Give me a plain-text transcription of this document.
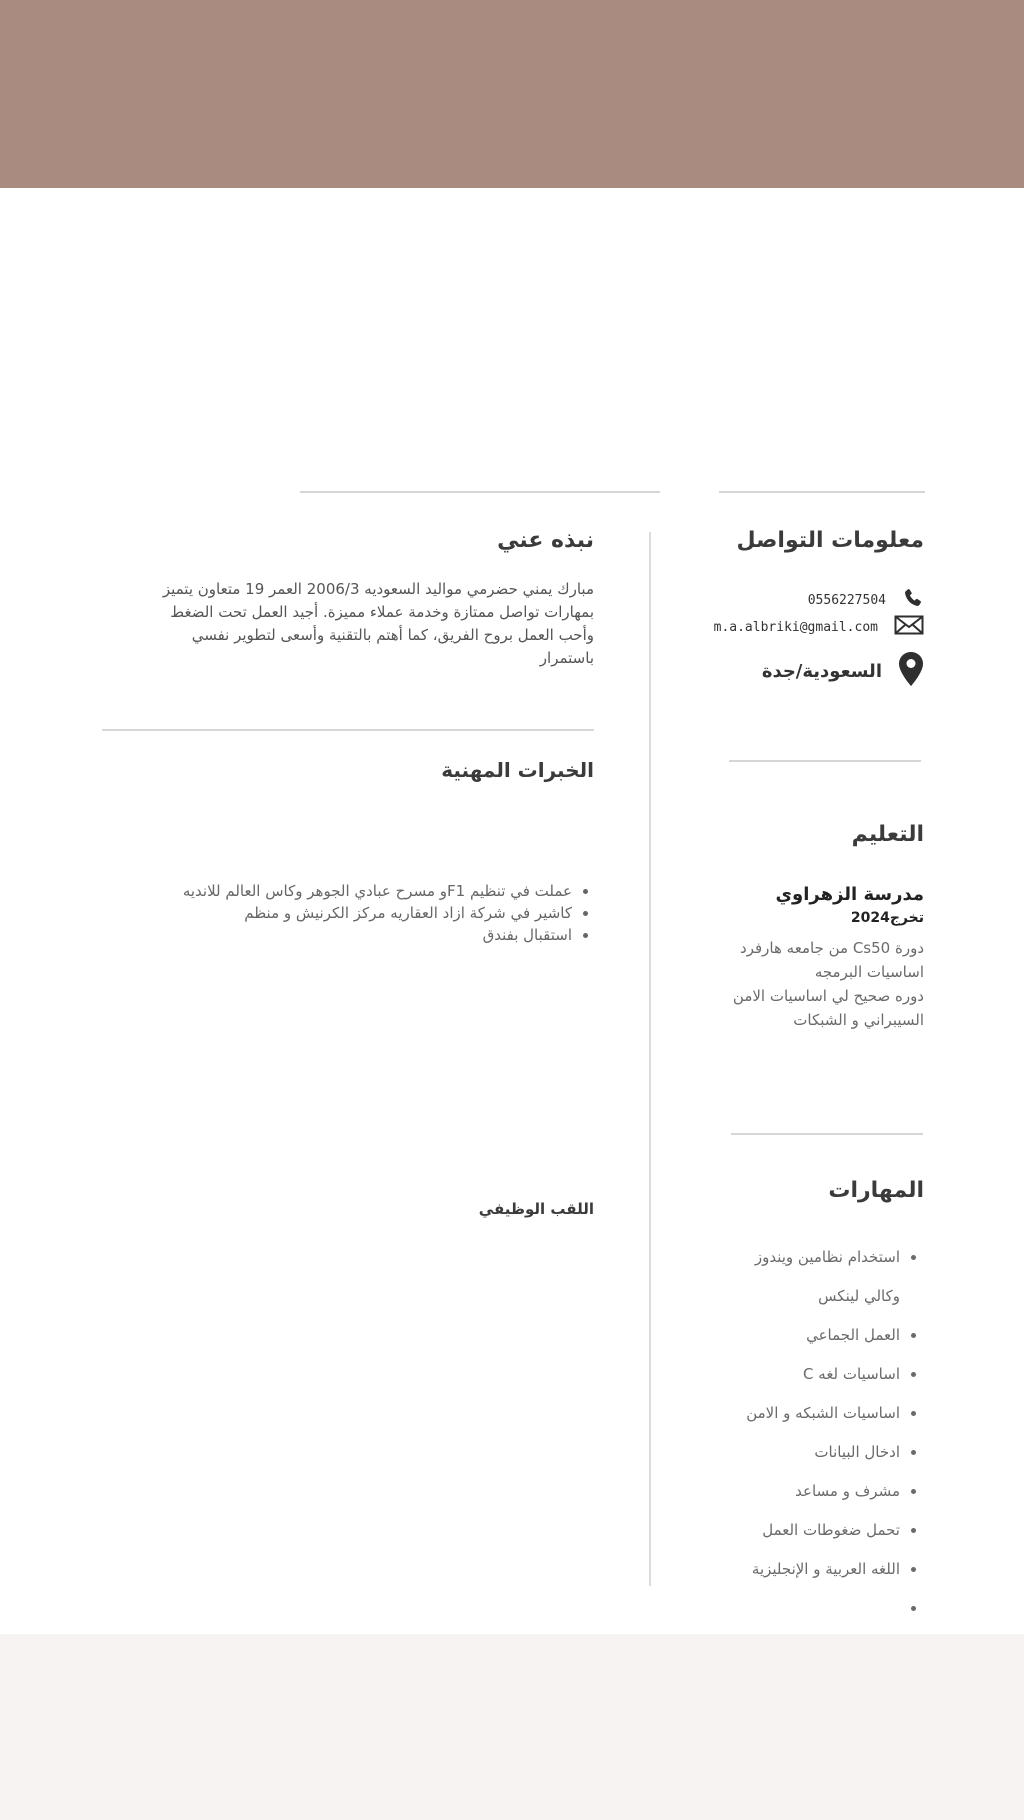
معلومات التواصل
0556227504
m.a.albriki@gmail.com
السعودية/جدة
التعليم
مدرسة الزهراوي
تخرج2024
دورة Cs50 من جامعه هارفرد
اساسيات البرمجه
دوره صحيح لي اساسيات الامن
السيبراني و الشبكات
المهارات
• استخدام نظامين ويندوز
وكالي لينكس
• العمل الجماعي
• اساسيات لغه C
• اساسيات الشبكه و الامن
• ادخال البيانات
• مشرف و مساعد
• تحمل ضغوطات العمل
• اللغه العربية و الإنجليزية
•
نبذه عني
مبارك يمني حضرمي مواليد السعوديه 2006/3 العمر 19 متعاون يتميز
بمهارات تواصل ممتازة وخدمة عملاء مميزة. أجيد العمل تحت الضغط
وأحب العمل بروح الفريق، كما أهتم بالتقنية وأسعى لتطوير نفسي
باستمرار
الخبرات المهنية
• عملت في تنظيم F1و مسرح عبادي الجوهر وكاس العالم للانديه
• كاشير في شركة ازاد العقاريه مركز الكرنيش و منظم
• استقبال بفندق
اللقب الوظيفي
